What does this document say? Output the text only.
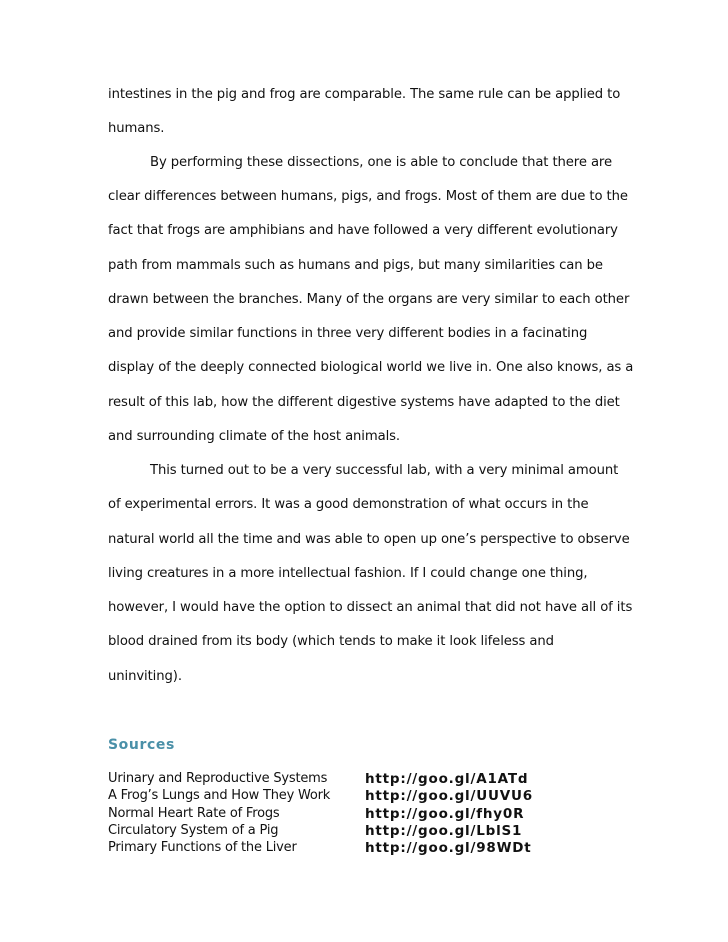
intestines in the pig and frog are comparable. The same rule can be applied to
humans.
By performing these dissections, one is able to conclude that there are
clear differences between humans, pigs, and frogs. Most of them are due to the
fact that frogs are amphibians and have followed a very different evolutionary
path from mammals such as humans and pigs, but many similarities can be
drawn between the branches. Many of the organs are very similar to each other
and provide similar functions in three very different bodies in a facinating
display of the deeply connected biological world we live in. One also knows, as a
result of this lab, how the different digestive systems have adapted to the diet
and surrounding climate of the host animals.
This turned out to be a very successful lab, with a very minimal amount
of experimental errors. It was a good demonstration of what occurs in the
natural world all the time and was able to open up one’s perspective to observe
living creatures in a more intellectual fashion. If I could change one thing,
however, I would have the option to dissect an animal that did not have all of its
blood drained from its body (which tends to make it look lifeless and
uninviting).
Sources
Urinary and Reproductive Systems	http://goo.gl/A1ATd
A Frog’s Lungs and How They Work	http://goo.gl/UUVU6
Normal Heart Rate of Frogs	http://goo.gl/fhy0R
Circulatory System of a Pig	http://goo.gl/LblS1
Primary Functions of the Liver	http://goo.gl/98WDt
